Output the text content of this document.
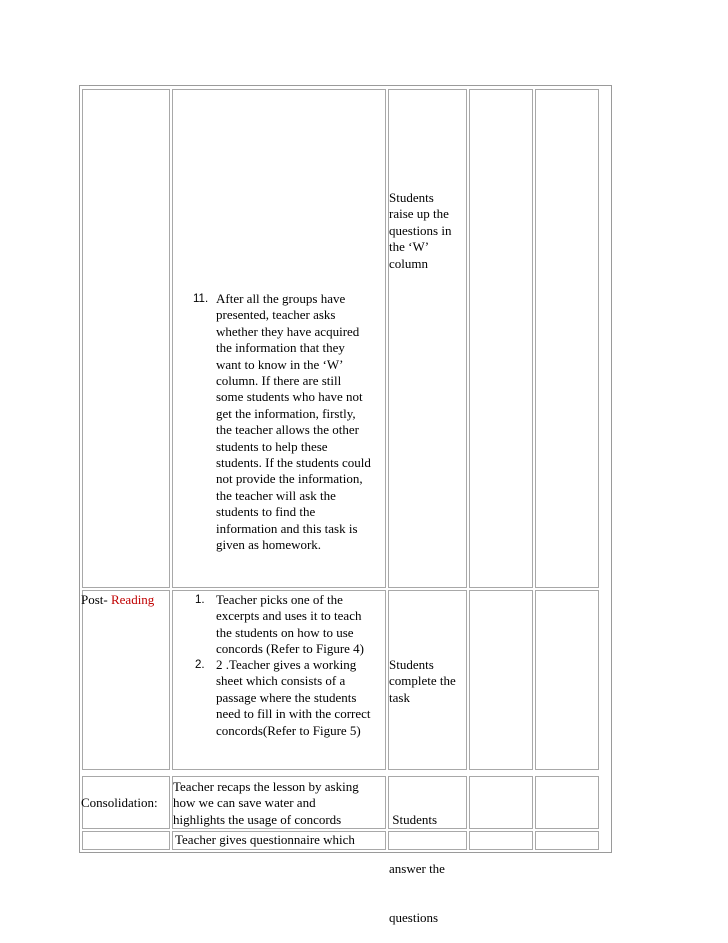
Students
raise up the
questions in
the ‘W’
column
11. After all the groups have
presented, teacher asks
whether they have acquired
the information that they
want to know in the ‘W’
column. If there are still
some students who have not
get the information, firstly,
the teacher allows the other
students to help these
students. If the students could
not provide the information,
the teacher will ask the
students to find the
information and this task is
given as homework.
Post- Reading	1. Teacher picks one of the
excerpts and uses it to teach
the students on how to use
concords (Refer to Figure 4)
2. 2 .Teacher gives a working
sheet which consists of a
passage where the students
need to fill in with the correct
concords(Refer to Figure 5)
Students
complete the
task
Consolidation:
Teacher recaps the lesson by asking
how we can save water and
highlights the usage of concords

	Students

answer the

questions

Teacher gives questionnaire which
